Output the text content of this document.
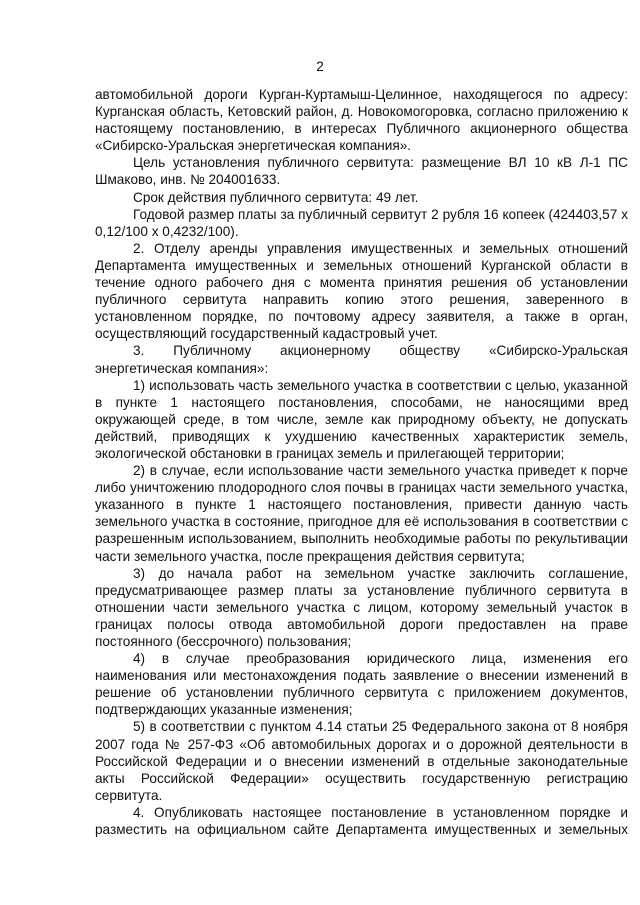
2

автомобильной дороги Курган-Куртамыш-Целинное, находящегося по адресу: Курганская область, Кетовский район, д. Новокомогоровка, согласно приложению к настоящему постановлению, в интересах Публичного акционерного общества «Сибирско-Уральская энергетическая компания».

Цель установления публичного сервитута: размещение ВЛ 10 кВ Л-1 ПС Шмаково, инв. № 204001633.

Срок действия публичного сервитута: 49 лет.

Годовой размер платы за публичный сервитут 2 рубля 16 копеек (424403,57 x 0,12/100 x 0,4232/100).

2. Отделу аренды управления имущественных и земельных отношений Департамента имущественных и земельных отношений Курганской области в течение одного рабочего дня с момента принятия решения об установлении публичного сервитута направить копию этого решения, заверенного в установленном порядке, по почтовому адресу заявителя, а также в орган, осуществляющий государственный кадастровый учет.

3. Публичному акционерному обществу «Сибирско-Уральская энергетическая компания»:

1) использовать часть земельного участка в соответствии с целью, указанной в пункте 1 настоящего постановления, способами, не наносящими вред окружающей среде, в том числе, земле как природному объекту, не допускать действий, приводящих к ухудшению качественных характеристик земель, экологической обстановки в границах земель и прилегающей территории;

2) в случае, если использование части земельного участка приведет к порче либо уничтожению плодородного слоя почвы в границах части земельного участка, указанного в пункте 1 настоящего постановления, привести данную часть земельного участка в состояние, пригодное для её использования в соответствии с разрешенным использованием, выполнить необходимые работы по рекультивации части земельного участка, после прекращения действия сервитута;

3) до начала работ на земельном участке заключить соглашение, предусматривающее размер платы за установление публичного сервитута в отношении части земельного участка с лицом, которому земельный участок в границах полосы отвода автомобильной дороги предоставлен на праве постоянного (бессрочного) пользования;

4) в случае преобразования юридического лица, изменения его наименования или местонахождения подать заявление о внесении изменений в решение об установлении публичного сервитута с приложением документов, подтверждающих указанные изменения;

5) в соответствии с пунктом 4.14 статьи 25 Федерального закона от 8 ноября 2007 года № 257-ФЗ «Об автомобильных дорогах и о дорожной деятельности в Российской Федерации и о внесении изменений в отдельные законодательные акты Российской Федерации» осуществить государственную регистрацию сервитута.

4. Опубликовать настоящее постановление в установленном порядке и разместить на официальном сайте Департамента имущественных и земельных
